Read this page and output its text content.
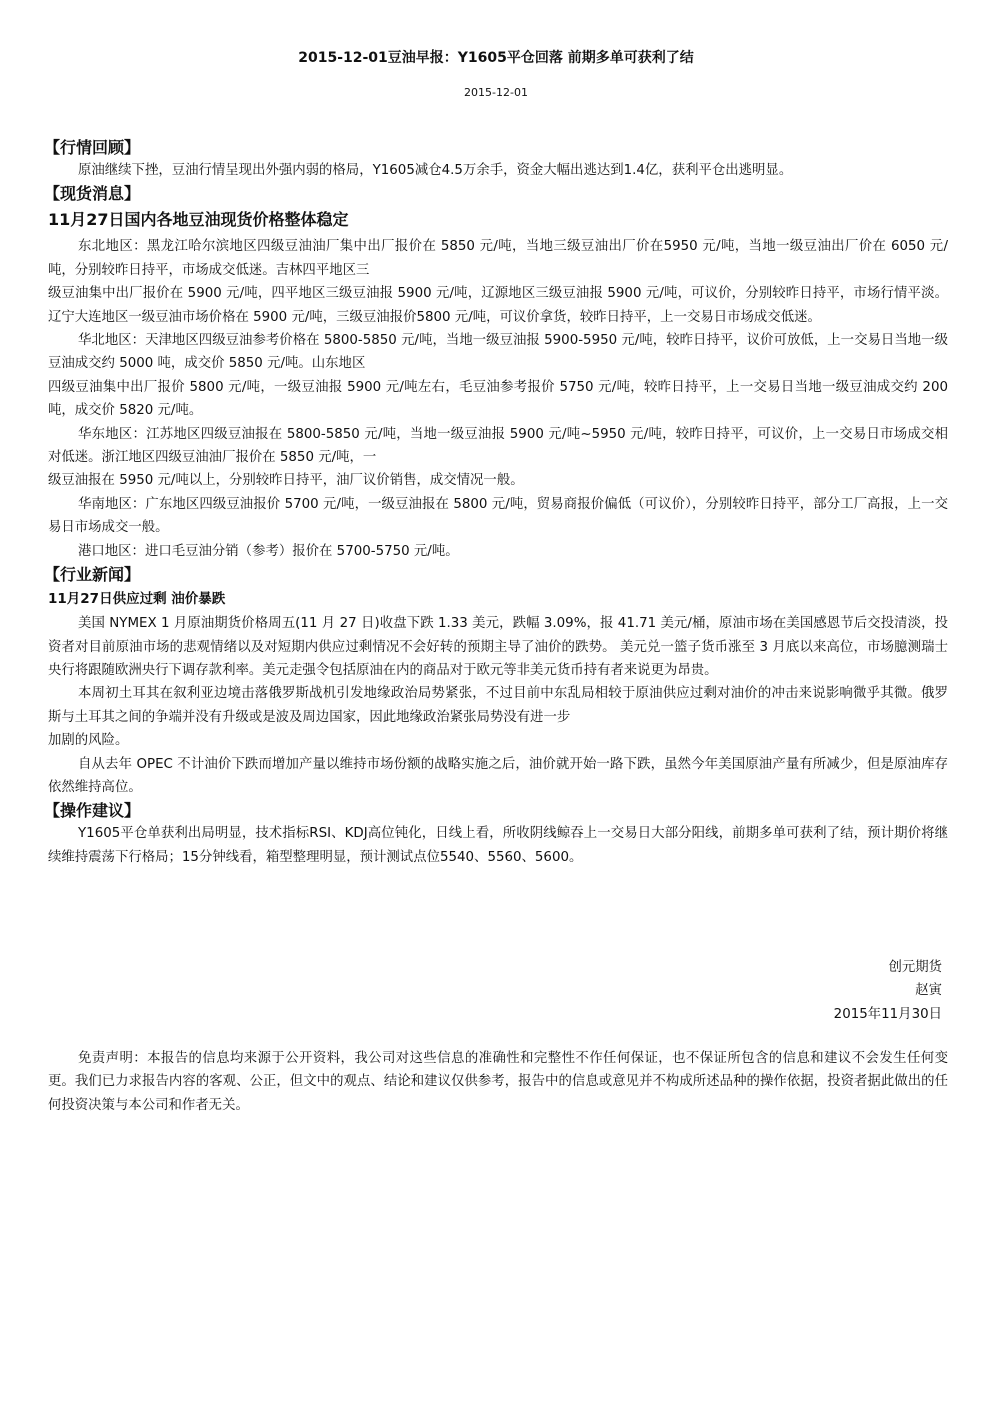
2015-12-01豆油早报：Y1605平仓回落 前期多单可获利了结
2015-12-01
【行情回顾】

原油继续下挫，豆油行情呈现出外强内弱的格局，Y1605减仓4.5万余手，资金大幅出逃达到1.4亿，获利平仓出逃明显。

【现货消息】
11月27日国内各地豆油现货价格整体稳定

东北地区：黑龙江哈尔滨地区四级豆油油厂集中出厂报价在 5850 元/吨，当地三级豆油出厂价在5950 元/吨，当地一级豆油出厂价在 6050 元/吨，分别较昨日持平，市场成交低迷。吉林四平地区三

级豆油集中出厂报价在 5900 元/吨，四平地区三级豆油报 5900 元/吨，辽源地区三级豆油报 5900 元/吨，可议价，分别较昨日持平，市场行情平淡。辽宁大连地区一级豆油市场价格在 5900 元/吨，三级豆油报价5800 元/吨，可议价拿货，较昨日持平，上一交易日市场成交低迷。

华北地区：天津地区四级豆油参考价格在 5800-5850 元/吨，当地一级豆油报 5900-5950 元/吨，较昨日持平，议价可放低，上一交易日当地一级豆油成交约 5000 吨，成交价 5850 元/吨。山东地区

四级豆油集中出厂报价 5800 元/吨，一级豆油报 5900 元/吨左右，毛豆油参考报价 5750 元/吨，较昨日持平，上一交易日当地一级豆油成交约 200 吨，成交价 5820 元/吨。

华东地区：江苏地区四级豆油报在 5800-5850 元/吨，当地一级豆油报 5900 元/吨~5950 元/吨，较昨日持平，可议价，上一交易日市场成交相对低迷。浙江地区四级豆油油厂报价在 5850 元/吨，一

级豆油报在 5950 元/吨以上，分别较昨日持平，油厂议价销售，成交情况一般。

华南地区：广东地区四级豆油报价 5700 元/吨，一级豆油报在 5800 元/吨，贸易商报价偏低（可议价），分别较昨日持平，部分工厂高报，上一交易日市场成交一般。

港口地区：进口毛豆油分销（参考）报价在 5700-5750 元/吨。

【行业新闻】
11月27日供应过剩 油价暴跌

美国 NYMEX 1 月原油期货价格周五(11 月 27 日)收盘下跌 1.33 美元，跌幅 3.09%，报 41.71 美元/桶，原油市场在美国感恩节后交投清淡，投资者对目前原油市场的悲观情绪以及对短期内供应过剩情况不会好转的预期主导了油价的跌势。 美元兑一篮子货币涨至 3 月底以来高位，市场臆测瑞士央行将跟随欧洲央行下调存款利率。美元走强令包括原油在内的商品对于欧元等非美元货币持有者来说更为昂贵。

本周初土耳其在叙利亚边境击落俄罗斯战机引发地缘政治局势紧张，不过目前中东乱局相较于原油供应过剩对油价的冲击来说影响微乎其微。俄罗斯与土耳其之间的争端并没有升级或是波及周边国家，因此地缘政治紧张局势没有进一步

加剧的风险。

自从去年 OPEC 不计油价下跌而增加产量以维持市场份额的战略实施之后，油价就开始一路下跌，虽然今年美国原油产量有所减少，但是原油库存依然维持高位。

【操作建议】

Y1605平仓单获利出局明显，技术指标RSI、KDJ高位钝化，日线上看，所收阴线鲸吞上一交易日大部分阳线，前期多单可获利了结，预计期价将继续维持震荡下行格局；15分钟线看，箱型整理明显，预计测试点位5540、5560、5600。

创元期货
赵寅
2015年11月30日

免责声明：本报告的信息均来源于公开资料，我公司对这些信息的准确性和完整性不作任何保证，也不保证所包含的信息和建议不会发生任何变更。我们已力求报告内容的客观、公正，但文中的观点、结论和建议仅供参考，报告中的信息或意见并不构成所述品种的操作依据，投资者据此做出的任何投资决策与本公司和作者无关。
